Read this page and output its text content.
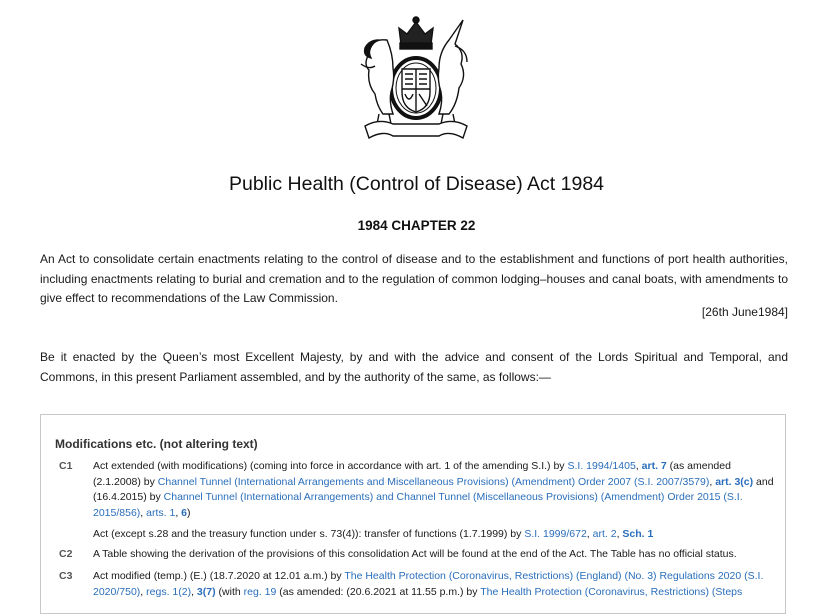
Public Health (Control of Disease) Act 1984
1984 CHAPTER 22
An Act to consolidate certain enactments relating to the control of disease and to the establishment and functions of port health authorities, including enactments relating to burial and cremation and to the regulation of common lodging–houses and canal boats, with amendments to give effect to recommendations of the Law Commission.
[26th June1984]
Be it enacted by the Queen’s most Excellent Majesty, by and with the advice and consent of the Lords Spiritual and Temporal, and Commons, in this present Parliament assembled, and by the authority of the same, as follows:—
Modifications etc. (not altering text)
C1 Act extended (with modifications) (coming into force in accordance with art. 1 of the amending S.I.) by S.I. 1994/1405, art. 7 (as amended (2.1.2008) by Channel Tunnel (International Arrangements and Miscellaneous Provisions) (Amendment) Order 2007 (S.I. 2007/3579), art. 3(c) and (16.4.2015) by Channel Tunnel (International Arrangements) and Channel Tunnel (Miscellaneous Provisions) (Amendment) Order 2015 (S.I. 2015/856), arts. 1, 6)
Act (except s.28 and the treasury function under s. 73(4)): transfer of functions (1.7.1999) by S.I. 1999/672, art. 2, Sch. 1
C2 A Table showing the derivation of the provisions of this consolidation Act will be found at the end of the Act. The Table has no official status.
C3 Act modified (temp.) (E.) (18.7.2020 at 12.01 a.m.) by The Health Protection (Coronavirus, Restrictions) (England) (No. 3) Regulations 2020 (S.I. 2020/750), regs. 1(2), 3(7) (with reg. 19 (as amended: (20.6.2021 at 11.55 p.m.) by The Health Protection (Coronavirus, Restrictions) (Steps
